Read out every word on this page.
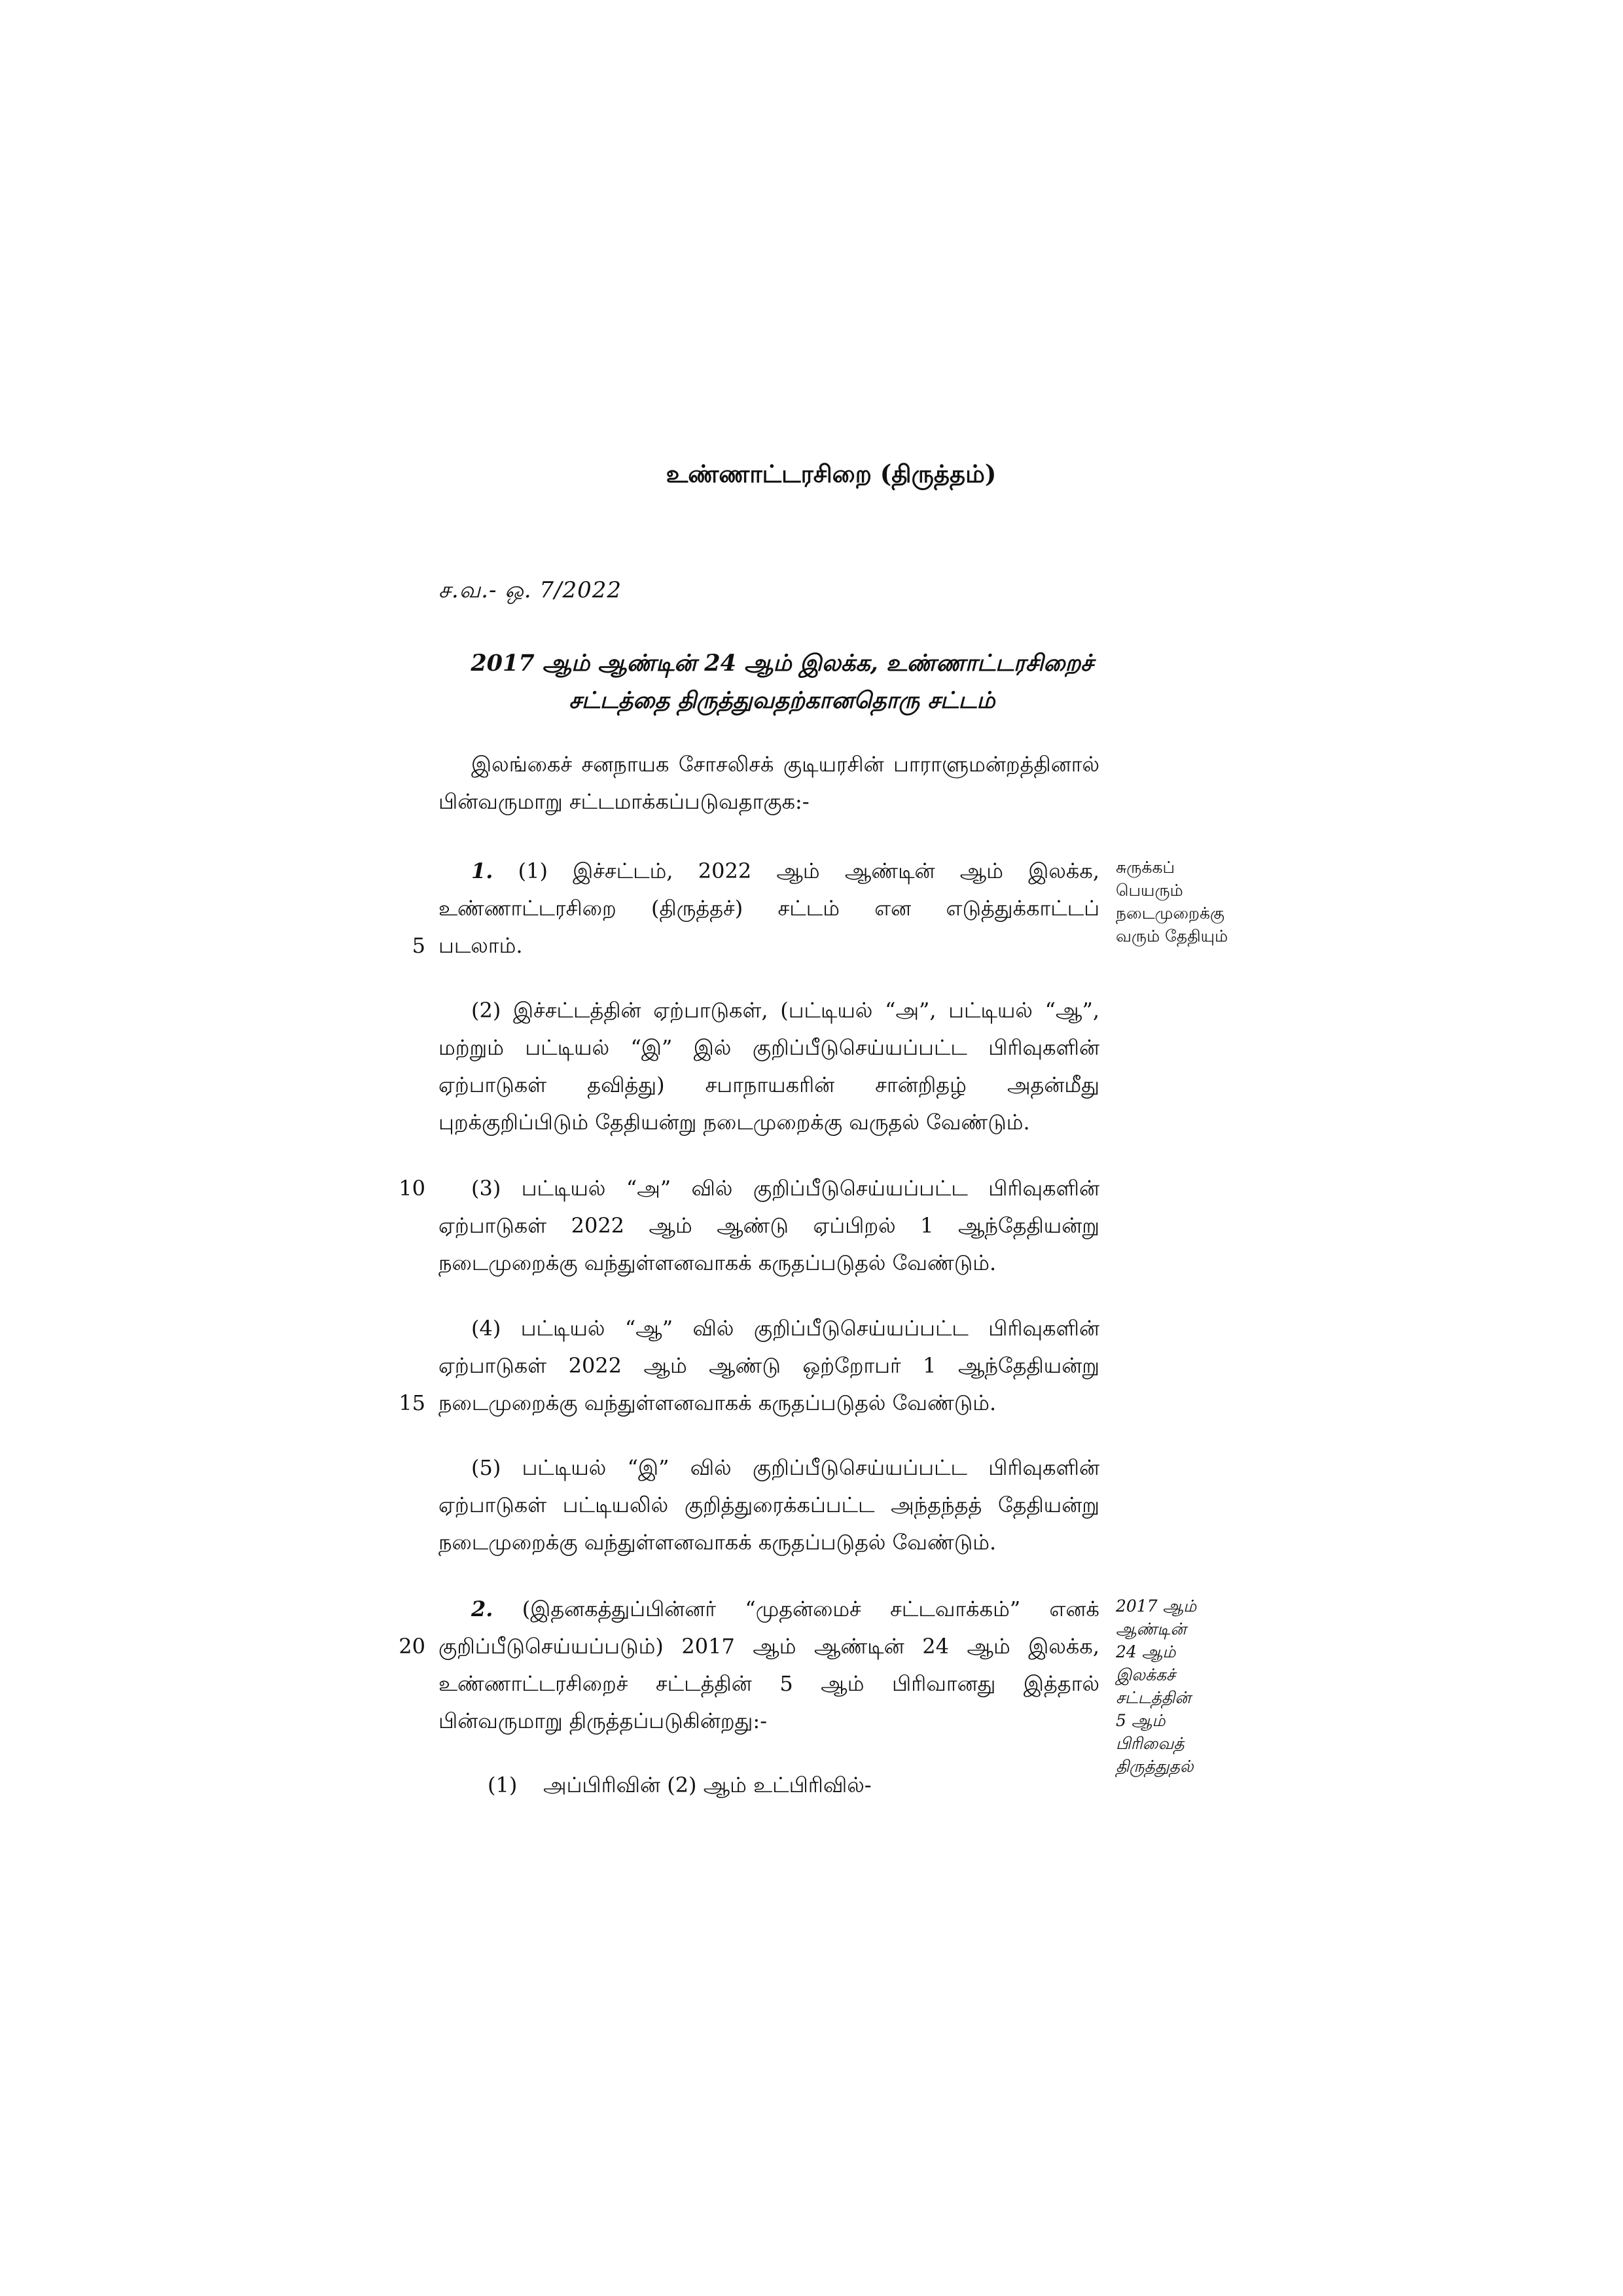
உண்ணாட்டரசிறை (திருத்தம்)
ச.வ.- ஒ. 7/2022
2017 ஆம் ஆண்டின் 24 ஆம் இலக்க, உண்ணாட்டரசிறைச்
சட்டத்தை திருத்துவதற்கானதொரு சட்டம்
இலங்கைச் சனநாயக சோசலிசக் குடியரசின் பாராளுமன்றத்தினால்
பின்வருமாறு சட்டமாக்கப்படுவதாகுக:-
1. (1) இச்சட்டம், 2022 ஆம் ஆண்டின் ஆம் இலக்க,
உண்ணாட்டரசிறை (திருத்தச்) சட்டம் என எடுத்துக்காட்டப்
படலாம்.
சுருக்கப்
பெயரும்
நடைமுறைக்கு
வரும் தேதியும்
5
(2) இச்சட்டத்தின் ஏற்பாடுகள், (பட்டியல் “அ”, பட்டியல் “ஆ”,
மற்றும் பட்டியல் “இ” இல் குறிப்பீடுசெய்யப்பட்ட பிரிவுகளின்
ஏற்பாடுகள் தவித்து) சபாநாயகரின் சான்றிதழ் அதன்மீது
புறக்குறிப்பிடும் தேதியன்று நடைமுறைக்கு வருதல் வேண்டும்.
10	(3) பட்டியல் “அ” வில் குறிப்பீடுசெய்யப்பட்ட பிரிவுகளின்
ஏற்பாடுகள் 2022 ஆம் ஆண்டு ஏப்பிறல் 1 ஆந்தேதியன்று
நடைமுறைக்கு வந்துள்ளனவாகக் கருதப்படுதல் வேண்டும்.
(4) பட்டியல் “ஆ” வில் குறிப்பீடுசெய்யப்பட்ட பிரிவுகளின்
ஏற்பாடுகள் 2022 ஆம் ஆண்டு ஒற்றோபர் 1 ஆந்தேதியன்று
நடைமுறைக்கு வந்துள்ளனவாகக் கருதப்படுதல் வேண்டும்.
15
(5) பட்டியல் “இ” வில் குறிப்பீடுசெய்யப்பட்ட பிரிவுகளின்
ஏற்பாடுகள் பட்டியலில் குறித்துரைக்கப்பட்ட அந்தந்தத் தேதியன்று
நடைமுறைக்கு வந்துள்ளனவாகக் கருதப்படுதல் வேண்டும்.
2. (இதனகத்துப்பின்னர் “முதன்மைச் சட்டவாக்கம்” எனக்
குறிப்பீடுசெய்யப்படும்) 2017 ஆம் ஆண்டின் 24 ஆம் இலக்க,
உண்ணாட்டரசிறைச் சட்டத்தின் 5 ஆம் பிரிவானது இத்தால்
பின்வருமாறு திருத்தப்படுகின்றது:-
20
2017 ஆம்
ஆண்டின்
24 ஆம்
இலக்கச்
சட்டத்தின்
5 ஆம்
பிரிவைத்
திருத்துதல்
(1) அப்பிரிவின் (2) ஆம் உட்பிரிவில்-
